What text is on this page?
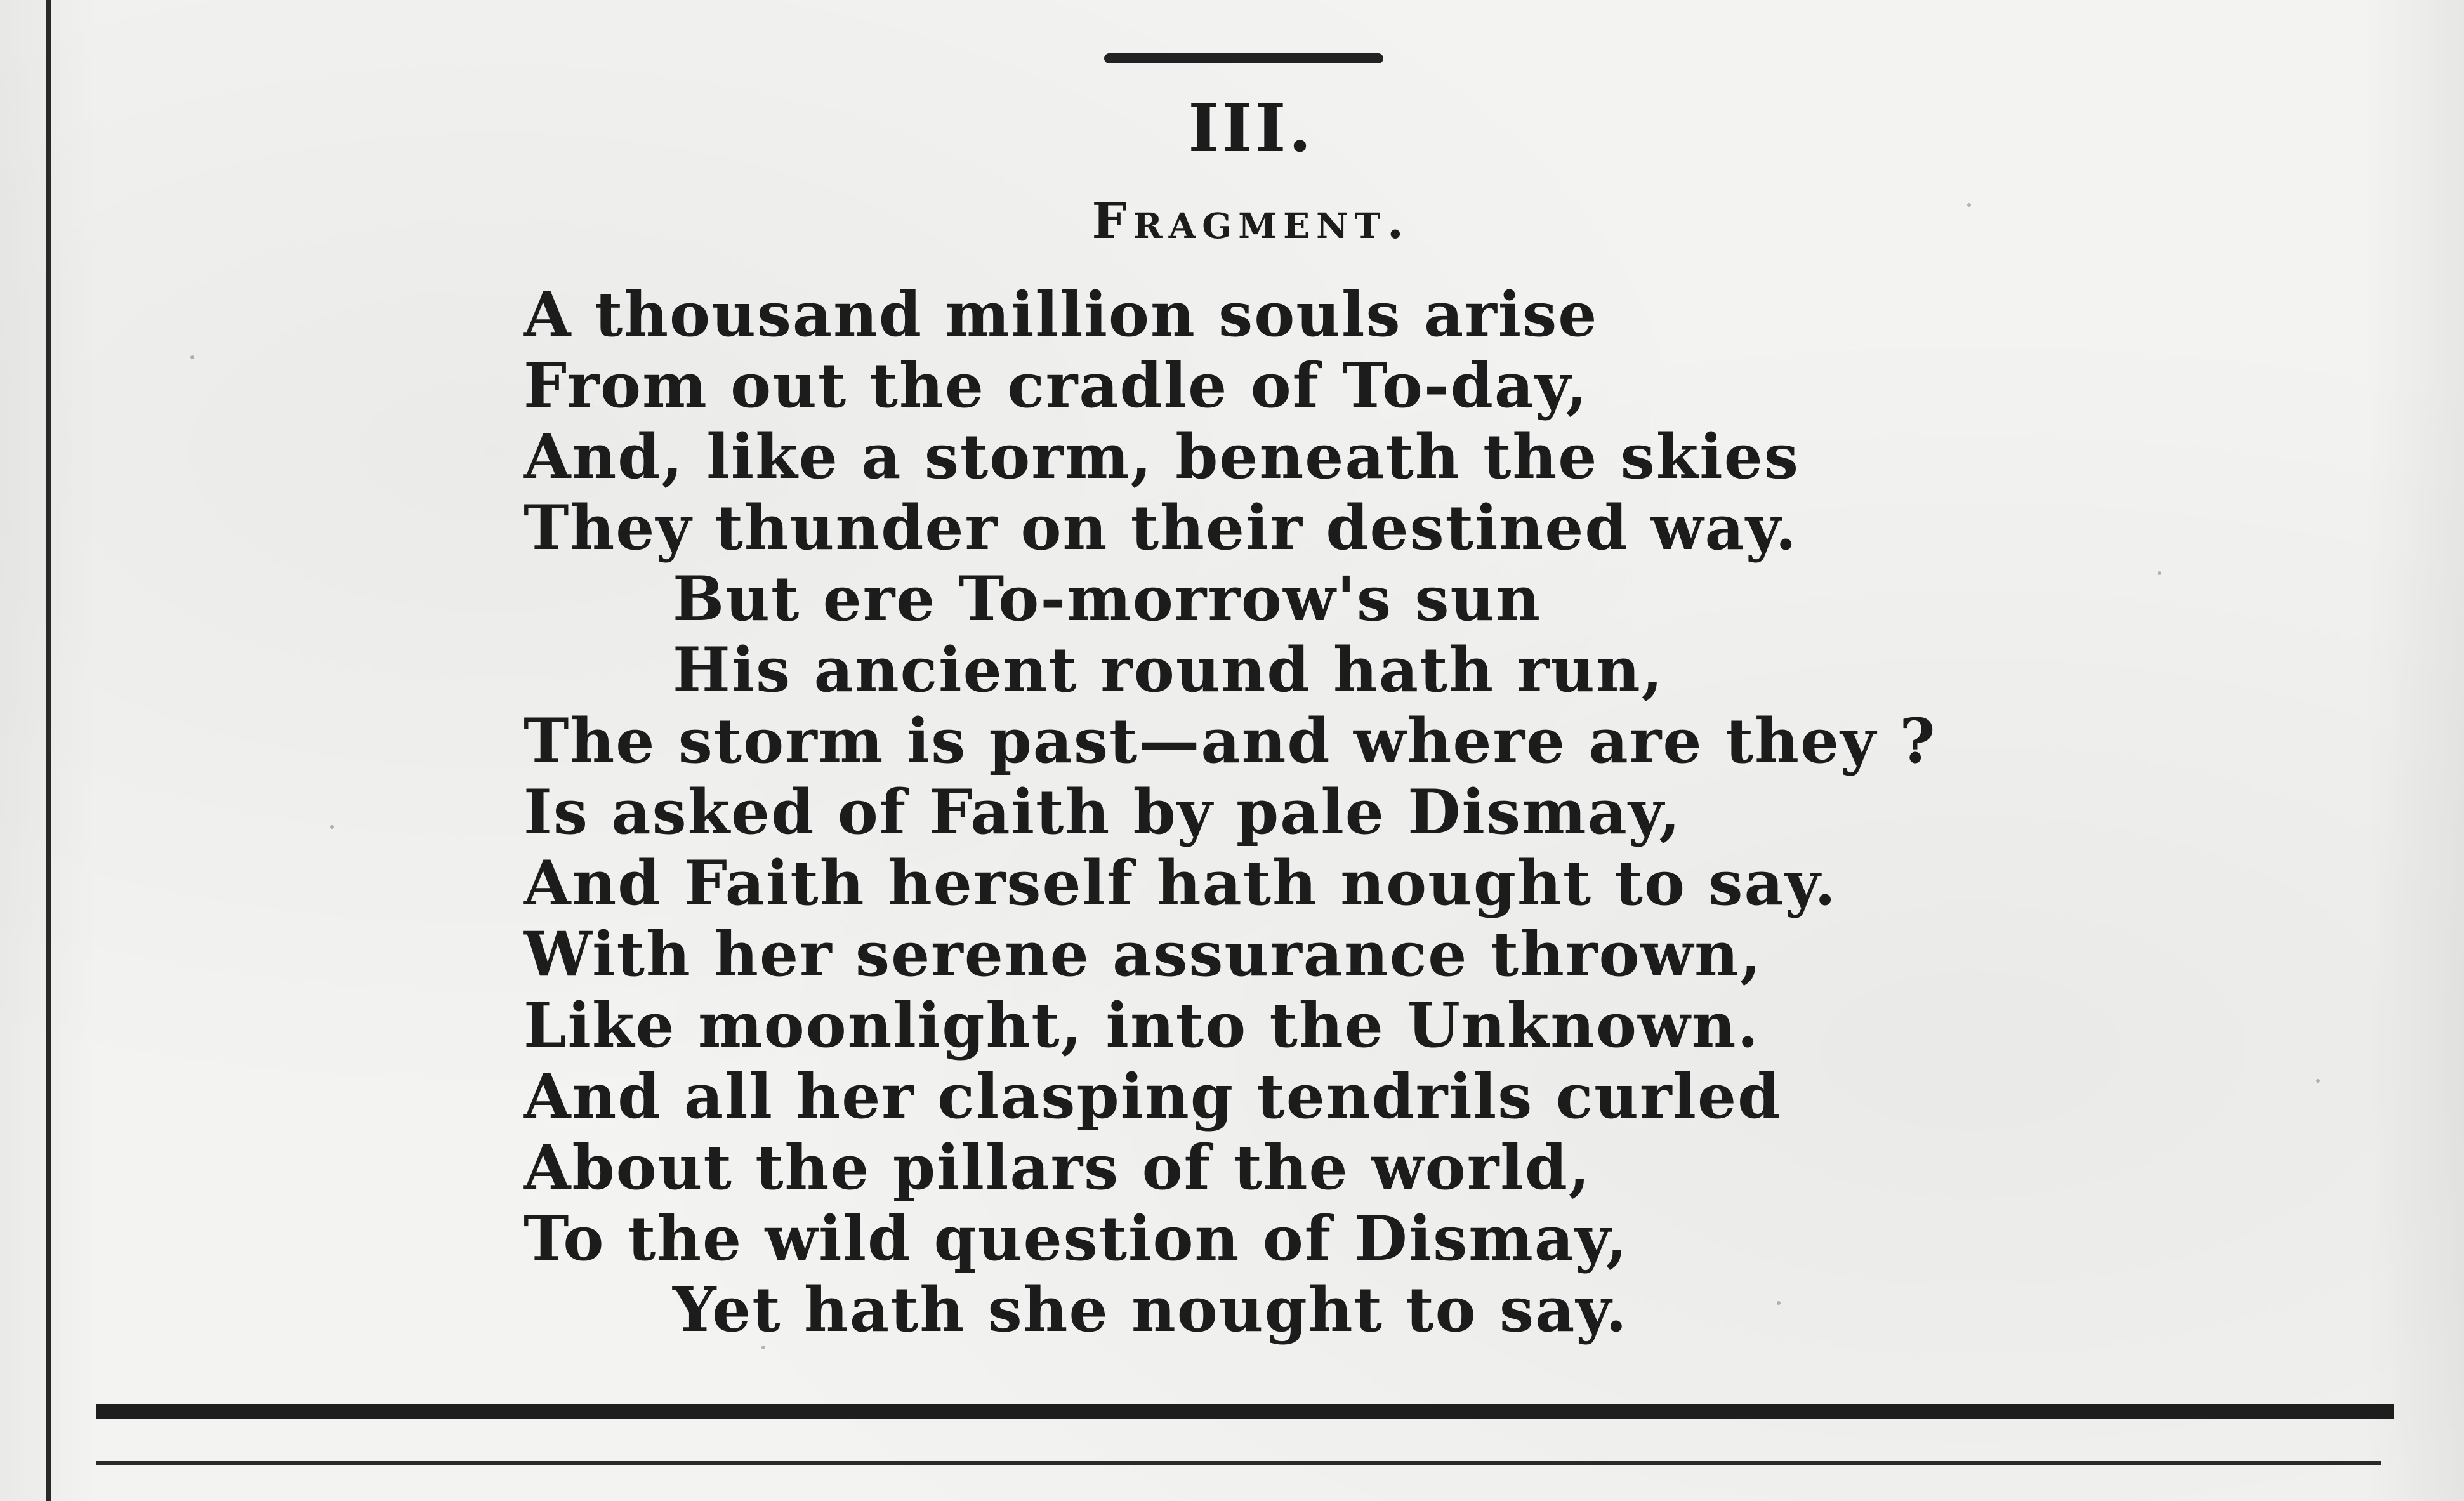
III.
Fragment.
A thousand million souls arise
From out the cradle of To-day,
And, like a storm, beneath the skies
They thunder on their destined way.
But ere To-morrow's sun
His ancient round hath run,
The storm is past—and where are they ?
Is asked of Faith by pale Dismay,
And Faith herself hath nought to say.
With her serene assurance thrown,
Like moonlight, into the Unknown.
And all her clasping tendrils curled
About the pillars of the world,
To the wild question of Dismay,
Yet hath she nought to say.
